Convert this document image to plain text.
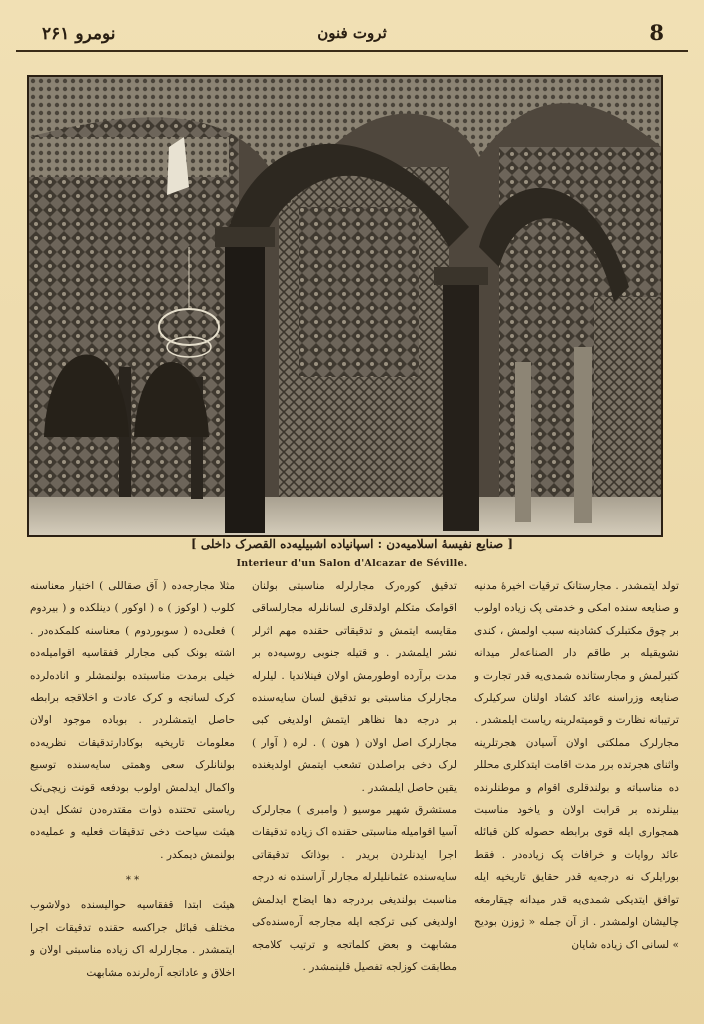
نومرو ۲۶۱	ثروت فنون	8
[ صنایع نفیسهٔ اسلامیه‌دن : اسپانیاده اشبیلیه‌ده القصرک داخلی ]
Interieur d'un Salon d'Alcazar de Séville.

تولد ایتمشدر . مجارستانک ترقیات اخیرهٔ مدنیه و صنایعه سنده امکی و خدمتی پک زیاده اولوب بر چوق مکتبلرک کشادینه سبب اولمش ، کندی نشویقیله بر طاقم دار الصناعه‌لر میدانه کتیرلمش و مجارستانده شمدی‌یه قدر تجارت و صنایعه وزراسنه عائد کشاد اولنان سرکیلرک ترتیبانه نظارت و قومیته‌لرینه ریاست ایلمشدر .

مجارلرک مملکتی اولان آسیادن هجرتلرینه واثنای هجرتده برر مدت اقامت ایتدکلری محللر ده مناسباته و بولندقلری اقوام و موطنلرنده بینلرنده بر قرابت اولان و یاخود مناسبت همجواری ایله قوی برابطه حصوله کلن قبائله عائد روایات و خرافات پک زیاده‌در . فقط بورایلرک نه درجه‌یه قدر حقایق تاریخیه ایله توافق ایتدیکی شمدی‌یه قدر میدانه چیقارمغه چالیشان اولمشدر . از آن جمله « ژوزن بودیح » لسانی اک زیاده شایان

تدقیق کوره‌رک مجارلرله مناسبتی بولنان اقوامک متکلم اولدقلری لسانلرله مجارلساقی مقایسه ایتمش و تدقیقاتی حقنده مهم اثرلر نشر ایلمشدر . و قتیله جنوبی روسیه‌ده بر مدت برآرده اوطورمش اولان فینلاندیا . لیلرله مجارلرک مناسبتی بو تدقیق لسان سایه‌سنده بر درجه دها نظاهر ایتمش اولدیغی کبی مجارلرک اصل اولان ( هون ) . لره ( آوار ) لرک دخی براصلدن تشعب ایتمش اولدیغنده یقین حاصل ایلمشدر .

مستشرق شهیر موسیو ( وامبری ) مجارلرک آسیا اقوامیله مناسبتی حقنده اک زیاده تدقیقات اجرا ایدنلردن بریدر . بوذاتک تدقیقاتی سایه‌سنده عثمانلیلرله مجارلر آراسنده نه درجه مناسبت بولندیغی بردرجه دها ایضاح ایدلمش اولدیغی کبی ترکجه ایله مجارجه آره‌سنده‌کی مشابهت و بعض کلماتجه و ترتیب کلامجه مطابقت کوزلجه تفصیل قلینمشدر .

مثلا مجارجه‌ده ( آق صقاللی ) اختیار معناسنه کلوب ( اوکوز ) ه ( اوکور ) دینلکده و ( بیردوم ) فعلی‌ده ( سوبوردوم ) معناسنه کلمکده‌در . اشته بونک کبی مجارلر قفقاسیه اقوامیله‌ده خیلی برمدت مناسبتده بولنمشلر و اناده‌لرده کرک لسانجه و کرک عادت و اخلاقجه برابطه حاصل ایتمشلردر . بوباده موجود اولان معلومات تاریخیه بوکادارتدقیقات نظریه‌ده بولنانلرک سعی وهمتی سایه‌سنده توسیع واکمال ایدلمش اولوب بودفعه قونت زیچی‌نک ریاستی تحتنده ذوات مقتدره‌دن تشکل ایدن هیئت سیاحت دخی تدقیقات فعلیه و عملیه‌ده بولنمش دیمکدر .

* *

هیئت ابتدا قفقاسیه حوالیسنده دولاشوب مختلف قبائل جراکسه حقنده تدقیقات اجرا ایتمشدر . مجارلرله اک زیاده مناسبتی اولان و اخلاق و عاداتجه آره‌لرنده مشابهت
